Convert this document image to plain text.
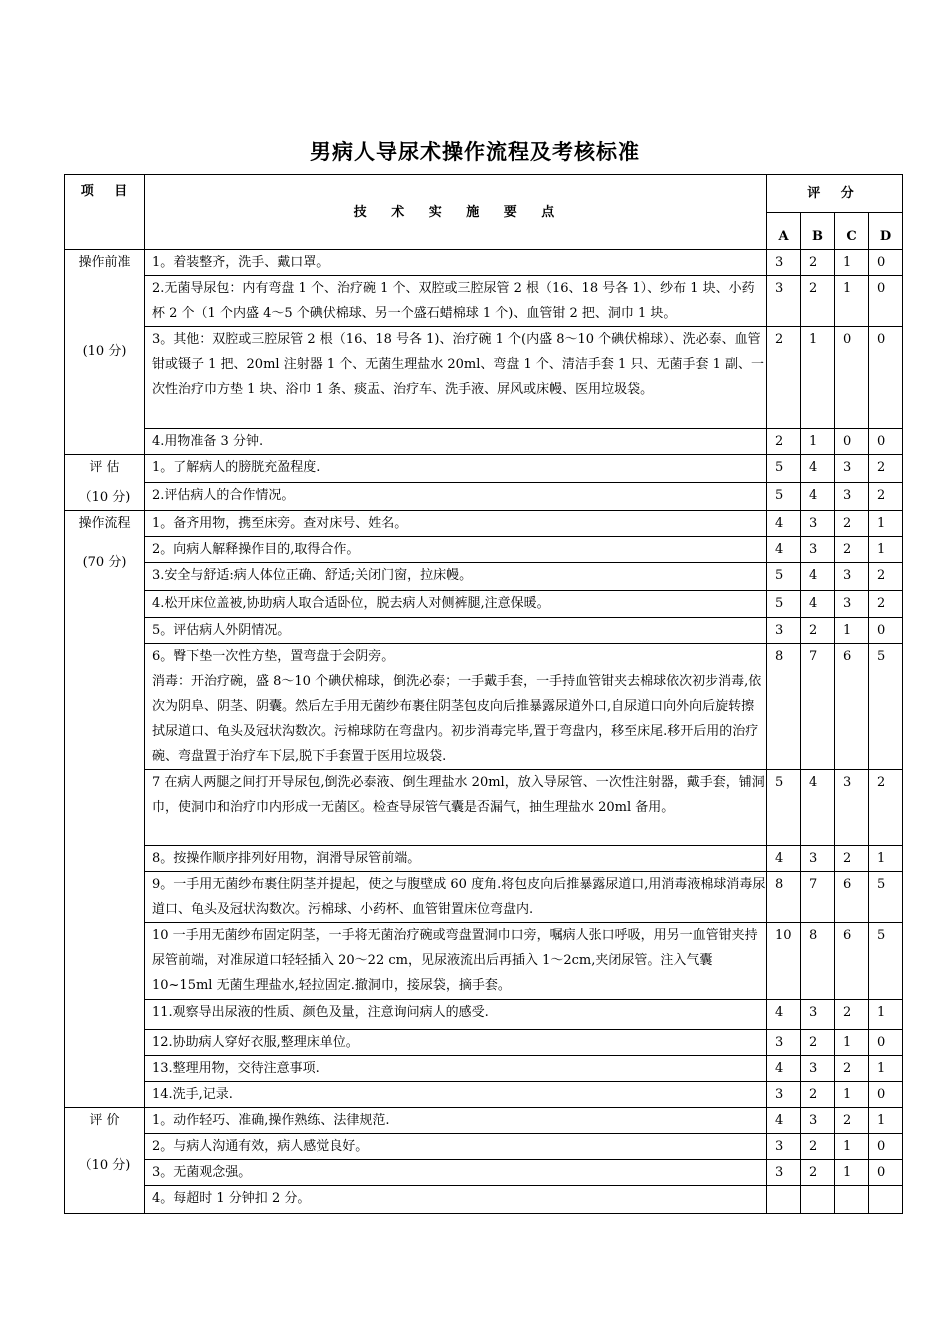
男病人导尿术操作流程及考核标准
项 目	技 术 实 施 要 点	评 分			
		A	B	C	D

操作前准
(10 分)	1。着装整齐，洗手、戴口罩。	3	2	1	0

	2.无菌导尿包：内有弯盘 1 个、治疗碗 1 个、双腔或三腔尿管 2 根（16、18 号各 1）、纱布 1 块、小药杯 2 个（1 个内盛 4～5 个碘伏棉球、另一个盛石蜡棉球 1 个)、血管钳 2 把、洞巾 1 块。	3	2	1	0

	3。其他：双腔或三腔尿管 2 根（16、18 号各 1)、治疗碗 1 个(内盛 8～10 个碘伏棉球）、洗必泰、血管钳或镊子 1 把、20ml 注射器 1 个、无菌生理盐水 20ml、弯盘 1 个、清洁手套 1 只、无菌手套 1 副、一次性治疗巾方垫 1 块、浴巾 1 条、痰盂、治疗车、洗手液、屏风或床幔、医用垃圾袋。	2	1	0	0

	4.用物准备 3 分钟.	2	1	0	0

评 估
（10 分)	1。了解病人的膀胱充盈程度.	5	4	3	2

	2.评估病人的合作情况。	5	4	3	2

操作流程
(70 分)	1。备齐用物，携至床旁。查对床号、姓名。	4	3	2	1

	2。向病人解释操作目的,取得合作。	4	3	2	1

	3.安全与舒适:病人体位正确、舒适;关闭门窗，拉床幔。	5	4	3	2

	4.松开床位盖被,协助病人取合适卧位，脱去病人对侧裤腿,注意保暖。	5	4	3	2

	5。评估病人外阴情况。	3	2	1	0

	6。臀下垫一次性方垫，置弯盘于会阴旁。
消毒：开治疗碗，盛 8～10 个碘伏棉球，倒洗必泰；一手戴手套，一手持血管钳夹去棉球依次初步消毒,依次为阴阜、阴茎、阴囊。然后左手用无菌纱布裹住阴茎包皮向后推暴露尿道外口,自尿道口向外向后旋转擦拭尿道口、龟头及冠状沟数次。污棉球防在弯盘内。初步消毒完毕,置于弯盘内，移至床尾.移开后用的治疗碗、弯盘置于治疗车下层,脱下手套置于医用垃圾袋.	8	7	6	5

	7 在病人两腿之间打开导尿包,倒洗必泰液、倒生理盐水 20ml，放入导尿管、一次性注射器，戴手套，铺洞巾，使洞巾和治疗巾内形成一无菌区。检查导尿管气囊是否漏气，抽生理盐水 20ml 备用。	5	4	3	2

	8。按操作顺序排列好用物，润滑导尿管前端。	4	3	2	1

	9。一手用无菌纱布裹住阴茎并提起，使之与腹壁成 60 度角.将包皮向后推暴露尿道口,用消毒液棉球消毒尿道口、龟头及冠状沟数次。污棉球、小药杯、血管钳置床位弯盘内.	8	7	6	5

	10 一手用无菌纱布固定阴茎，一手将无菌治疗碗或弯盘置洞巾口旁，嘱病人张口呼吸，用另一血管钳夹持尿管前端，对准尿道口轻轻插入 20～22 cm，见尿液流出后再插入 1～2cm,夹闭尿管。注入气囊 10~15ml 无菌生理盐水,轻拉固定.撤洞巾，接尿袋，摘手套。	10	8	6	5

	11.观察导出尿液的性质、颜色及量，注意询问病人的感受.	4	3	2	1

	12.协助病人穿好衣服,整理床单位。	3	2	1	0

	13.整理用物，交待注意事项.	4	3	2	1

	14.洗手,记录.	3	2	1	0

评 价
（10 分)	1。动作轻巧、准确,操作熟练、法律规范.	4	3	2	1

	2。与病人沟通有效，病人感觉良好。	3	2	1	0

	3。无菌观念强。	3	2	1	0

	4。每超时 1 分钟扣 2 分。				
